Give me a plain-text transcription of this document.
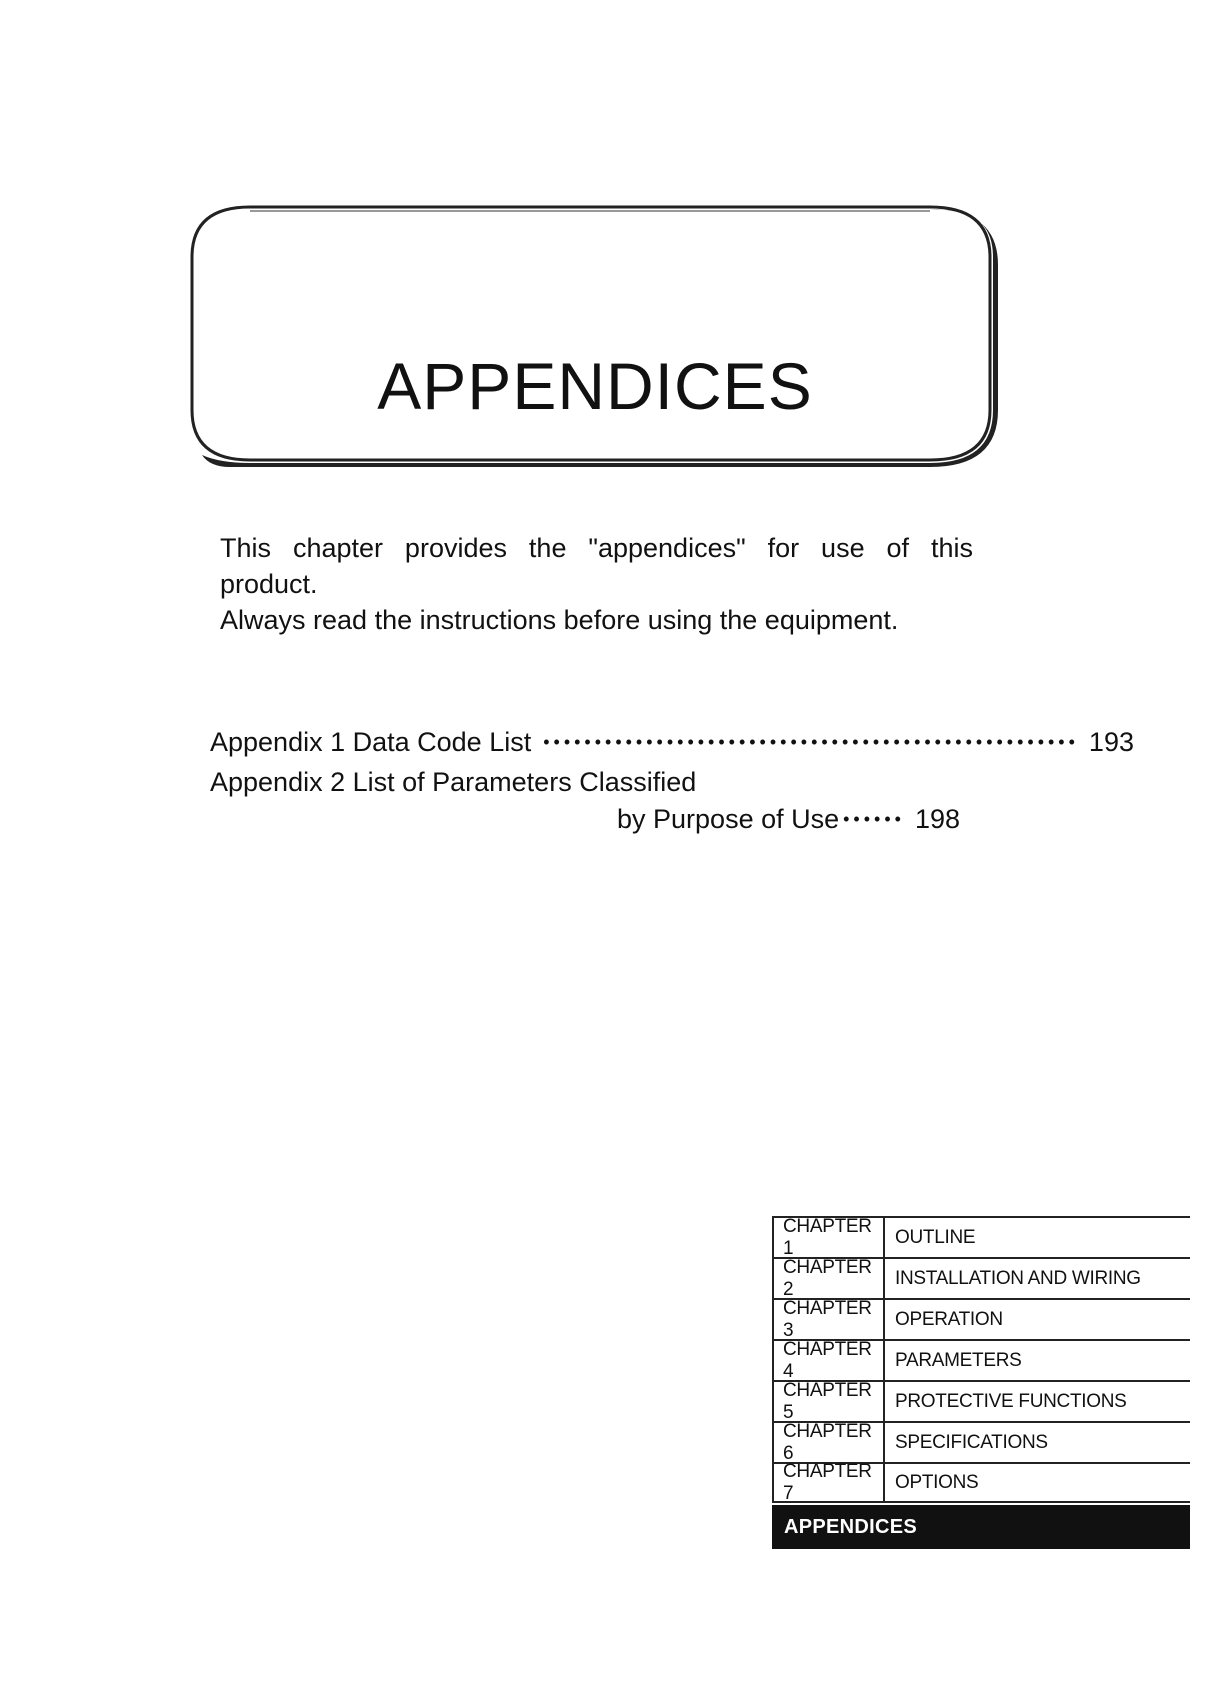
APPENDICES

This chapter provides the "appendices" for use of this

product.

Always read the instructions before using the equipment.

Appendix 1 Data Code List •••••••••••••••••••••••••••••••••••••••••••••••••••• 193
Appendix 2 List of Parameters Classified
by Purpose of Use •••••• 198
CHAPTER 1
OUTLINE
CHAPTER 2
INSTALLATION AND WIRING
CHAPTER 3
OPERATION
CHAPTER 4
PARAMETERS
CHAPTER 5
PROTECTIVE FUNCTIONS
CHAPTER 6
SPECIFICATIONS
CHAPTER 7
OPTIONS
APPENDICES
